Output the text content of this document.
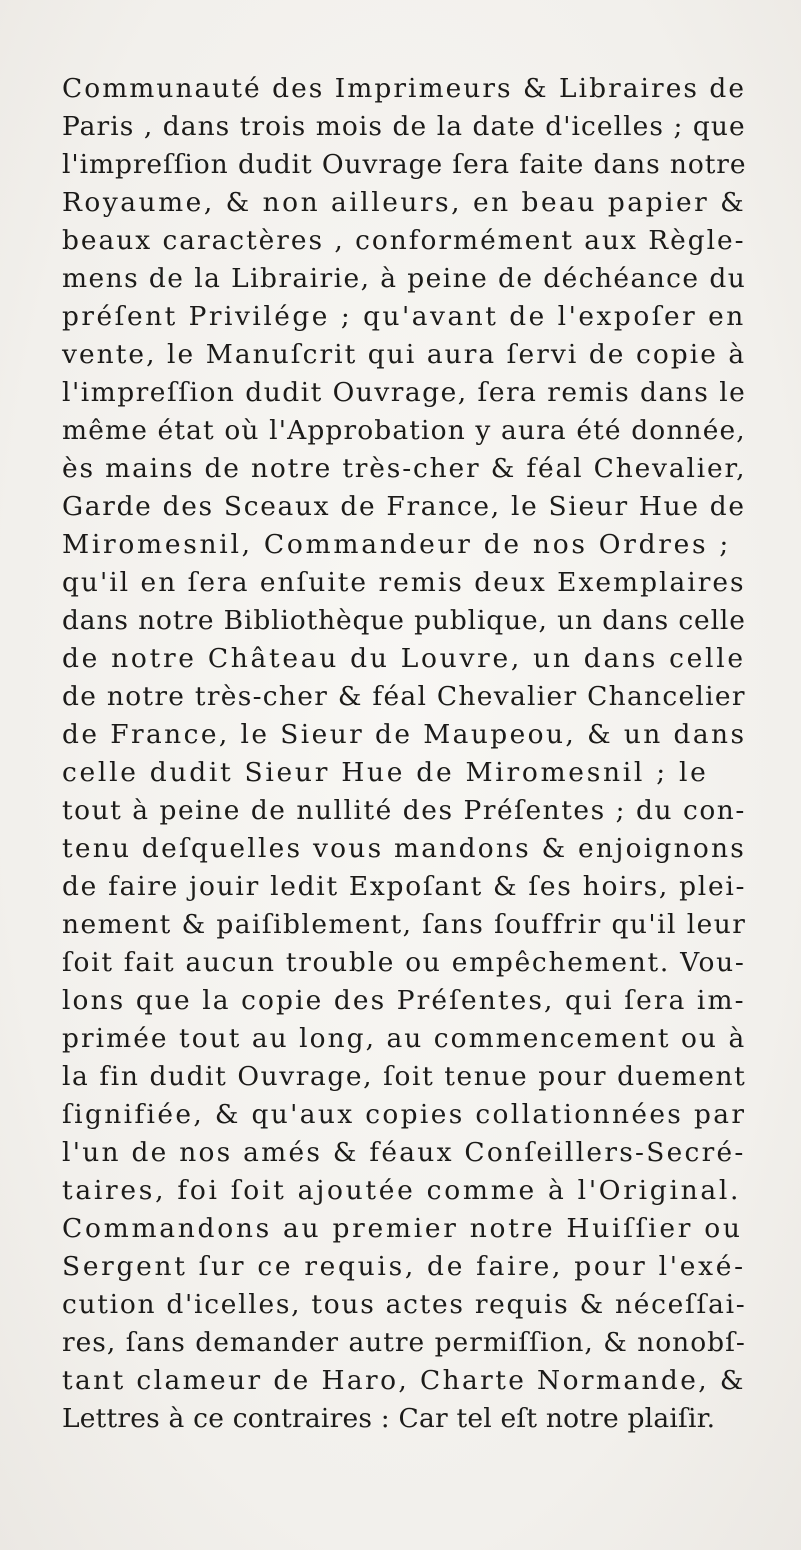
Communauté des Imprimeurs & Libraires de
Paris , dans trois mois de la date d'icelles ; que
l'impreſſion dudit Ouvrage ſera faite dans notre
Royaume, & non ailleurs, en beau papier &
beaux caractères , conformément aux Règle-
mens de la Librairie, à peine de déchéance du
préſent Privilége ; qu'avant de l'expoſer en
vente, le Manuſcrit qui aura ſervi de copie à
l'impreſſion dudit Ouvrage, ſera remis dans le
même état où l'Approbation y aura été donnée,
ès mains de notre très-cher & féal Chevalier,
Garde des Sceaux de France, le Sieur Hue de
Miromesnil, Commandeur de nos Ordres ;
qu'il en ſera enſuite remis deux Exemplaires
dans notre Bibliothèque publique, un dans celle
de notre Château du Louvre, un dans celle
de notre très-cher & féal Chevalier Chancelier
de France, le Sieur de Maupeou, & un dans
celle dudit Sieur Hue de Miromesnil ; le
tout à peine de nullité des Préſentes ; du con-
tenu deſquelles vous mandons & enjoignons
de faire jouir ledit Expoſant & ſes hoirs, plei-
nement & paiſiblement, ſans ſouffrir qu'il leur
ſoit fait aucun trouble ou empêchement. Vou-
lons que la copie des Préſentes, qui ſera im-
primée tout au long, au commencement ou à
la fin dudit Ouvrage, ſoit tenue pour duement
ſignifiée, & qu'aux copies collationnées par
l'un de nos amés & féaux Conſeillers-Secré-
taires, foi ſoit ajoutée comme à l'Original.
Commandons au premier notre Huiſſier ou
Sergent ſur ce requis, de faire, pour l'exé-
cution d'icelles, tous actes requis & néceſſai-
res, ſans demander autre permiſſion, & nonobſ-
tant clameur de Haro, Charte Normande, &
Lettres à ce contraires : Car tel eſt notre plaiſir.
